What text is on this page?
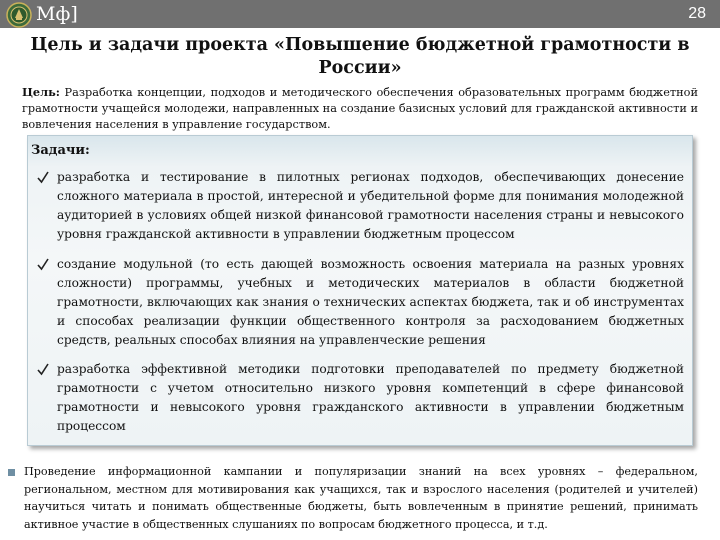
Мф]	28
Цель и задачи проекта «Повышение бюджетной грамотности в России»
Цель: Разработка концепции, подходов и методического обеспечения образовательных программ бюджетной грамотности учащейся молодежи, направленных на создание базисных условий для гражданской активности и вовлечения населения в управление государством.
Задачи:
разработка и тестирование в пилотных регионах подходов, обеспечивающих донесение сложного материала в простой, интересной и убедительной форме для понимания молодежной аудиторией в условиях общей низкой финансовой грамотности населения страны и невысокого уровня гражданской активности в управлении бюджетным процессом
создание модульной (то есть дающей возможность освоения материала на разных уровнях сложности) программы, учебных и методических материалов в области бюджетной грамотности, включающих как знания о технических аспектах бюджета, так и об инструментах и способах реализации функции общественного контроля за расходованием бюджетных средств, реальных способах влияния на управленческие решения
разработка эффективной методики подготовки преподавателей по предмету бюджетной грамотности с учетом относительно низкого уровня компетенций в сфере финансовой грамотности и невысокого уровня гражданского активности в управлении бюджетным процессом
Проведение информационной кампании и популяризации знаний на всех уровнях – федеральном, региональном, местном для мотивирования как учащихся, так и взрослого населения (родителей и учителей) научиться читать и понимать общественные бюджеты, быть вовлеченным в принятие решений, принимать активное участие в общественных слушаниях по вопросам бюджетного процесса, и т.д.
